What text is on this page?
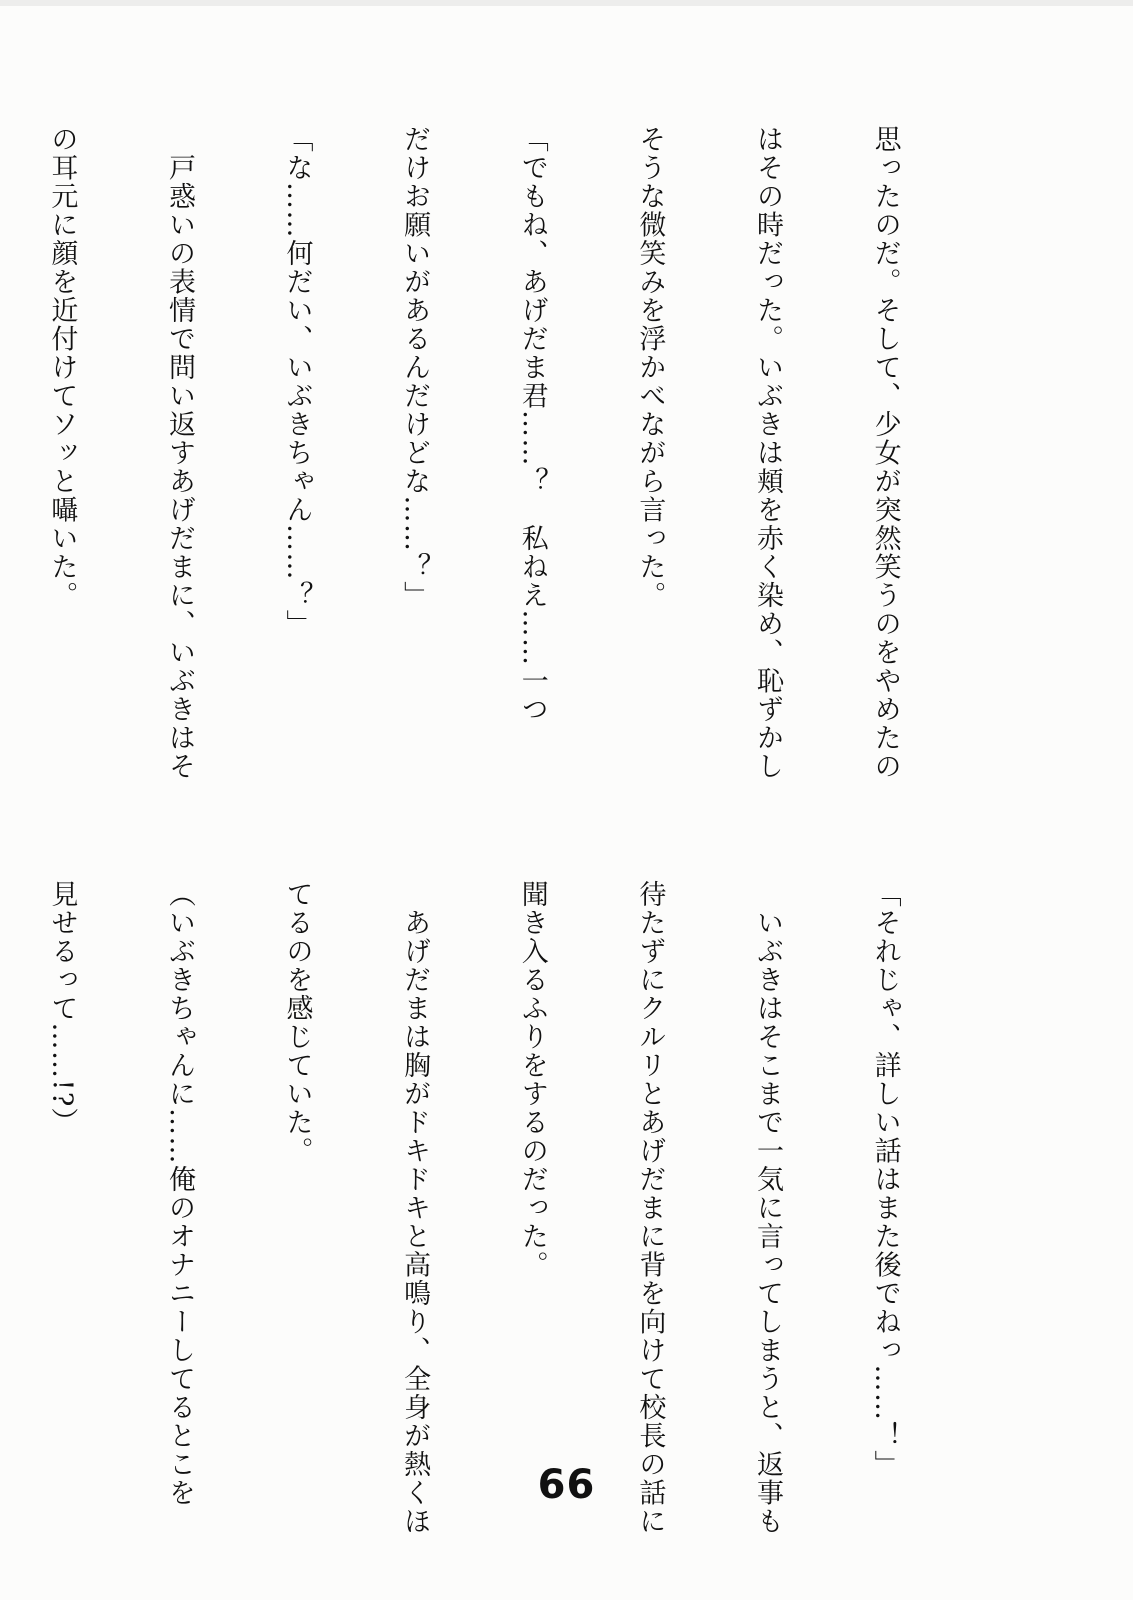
思ったのだ。そして、少女が突然笑うのをやめたの

はその時だった。いぶきは頬を赤く染め、恥ずかし

そうな微笑みを浮かべながら言った。

「でもね、あげだま君……？　私ねえ……一つ

だけお願いがあるんだけどな……？」

「な……何だい、いぶきちゃん……？」

　戸惑いの表情で問い返すあげだまに、いぶきはそ

の耳元に顔を近付けてソッと囁いた。

「それじゃ、詳しい話はまた後でねっ……！」

　いぶきはそこまで一気に言ってしまうと、返事も

待たずにクルリとあげだまに背を向けて校長の話に

聞き入るふりをするのだった。

　あげだまは胸がドキドキと高鳴り、全身が熱くほ

てるのを感じていた。

（いぶきちゃんに……俺のオナニーしてるとこを

見せるって……!?）

66
